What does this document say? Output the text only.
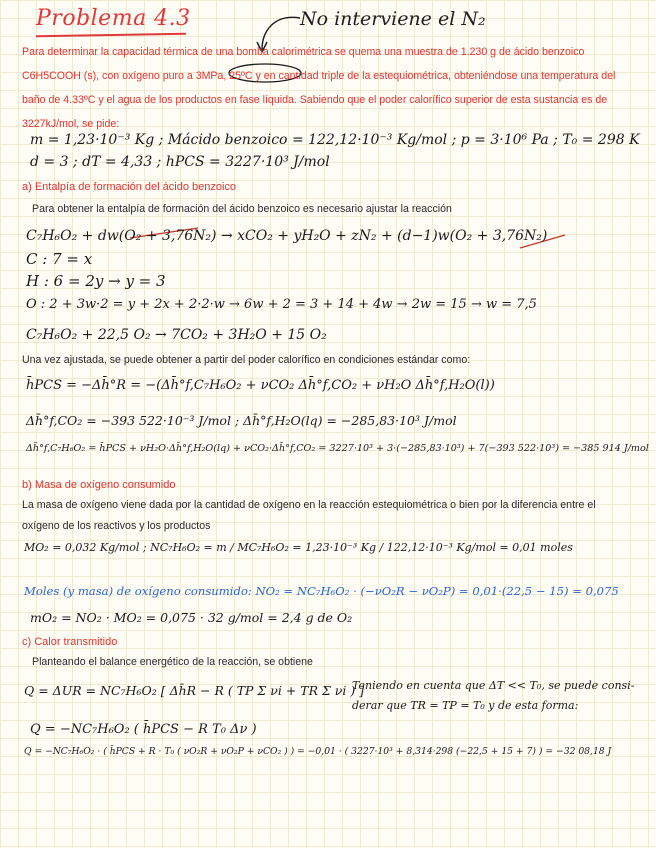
Problema 4.3	No interviene el N₂
Para determinar la capacidad térmica de una bomba calorimétrica se quema una muestra de 1.230 g de ácido benzoico C6H5COOH (s), con oxígeno puro a 3MPa, 25ºC y en cantidad triple de la estequiométrica, obteniéndose una temperatura del baño de 4.33ºC y el agua de los productos en fase líquida. Sabiendo que el poder calorífico superior de esta sustancia es de 3227kJ/mol, se pide:
m = 1,23·10⁻³ Kg ; Mácido benzoico = 122,12·10⁻³ Kg/mol ; p = 3·10⁶ Pa ; T₀ = 298 K
d = 3 ; dT = 4,33 ; hPCS = 3227·10³ J/mol
a) Entalpía de formación del ácido benzoico
Para obtener la entalpía de formación del ácido benzoico es necesario ajustar la reacción
C₇H₆O₂ + dw(O₂ + 3,76N₂) → xCO₂ + yH₂O + zN₂ + (d−1)w(O₂ + 3,76N₂)
C : 7 = x
H : 6 = 2y → y = 3
O : 2 + 3w·2 = y + 2x + 2·2·w → 6w + 2 = 3 + 14 + 4w → 2w = 15 → w = 7,5
C₇H₆O₂ + 22,5 O₂ → 7CO₂ + 3H₂O + 15 O₂
Una vez ajustada, se puede obtener a partir del poder calorífico en condiciones estándar como:
h̄PCS = −Δh̄°R = −(Δh̄°f,C₇H₆O₂ + νCO₂ Δh̄°f,CO₂ + νH₂O Δh̄°f,H₂O(l))
Δh̄°f,CO₂ = −393 522·10⁻³ J/mol ; Δh̄°f,H₂O(lq) = −285,83·10³ J/mol
Δh̄°f,C₇H₆O₂ = h̄PCS + νH₂O·Δh̄°f,H₂O(lq) + νCO₂·Δh̄°f,CO₂ = 3227·10³ + 3·(−285,83·10³) + 7(−393 522·10³) = −385 914 J/mol
b) Masa de oxígeno consumido
La masa de oxígeno viene dada por la cantidad de oxígeno en la reacción estequiométrica o bien por la diferencia entre el oxígeno de los reactivos y los productos
MO₂ = 0,032 Kg/mol ; NC₇H₆O₂ = m / MC₇H₆O₂ = 1,23·10⁻³ Kg / 122,12·10⁻³ Kg/mol = 0,01 moles
Moles (y masa) de oxígeno consumido: NO₂ = NC₇H₆O₂ · (−νO₂R − νO₂P) = 0,01·(22,5 − 15) = 0,075
mO₂ = NO₂ · MO₂ = 0,075 · 32 g/mol = 2,4 g de O₂
c) Calor transmitido
Planteando el balance energético de la reacción, se obtiene
Q = ΔUR = NC₇H₆O₂ [ Δh̄R − R ( TP Σ νi + TR Σ νi ) ]
Teniendo en cuenta que ΔT << T₀, se puede consi-
derar que TR = TP = T₀ y de esta forma:
Q = −NC₇H₆O₂ ( h̄PCS − R T₀ Δν )
Q = −NC₇H₆O₂ · ( h̄PCS + R · T₀ ( νO₂R + νO₂P + νCO₂ ) ) = −0,01 · ( 3227·10³ + 8,314·298 (−22,5 + 15 + 7) ) = −32 08,18 J
